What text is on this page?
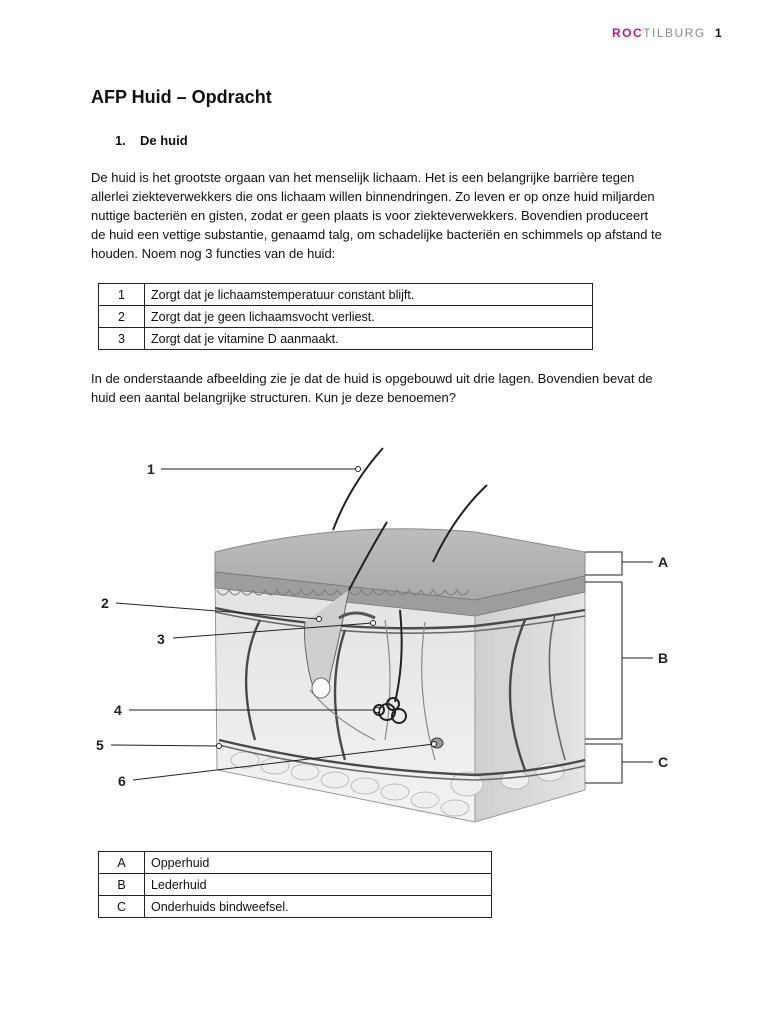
ROCTILBURG 1
AFP Huid – Opdracht
1. De huid

De huid is het grootste orgaan van het menselijk lichaam. Het is een belangrijke barrière tegen allerlei ziekteverwekkers die ons lichaam willen binnendringen. Zo leven er op onze huid miljarden nuttige bacteriën en gisten, zodat er geen plaats is voor ziekteverwekkers. Bovendien produceert de huid een vettige substantie, genaamd talg, om schadelijke bacteriën en schimmels op afstand te houden. Noem nog 3 functies van de huid:

1	Zorgt dat je lichaamstemperatuur constant blijft.
2	Zorgt dat je geen lichaamsvocht verliest.
3	Zorgt dat je vitamine D aanmaakt.

In de onderstaande afbeelding zie je dat de huid is opgebouwd uit drie lagen. Bovendien bevat de huid een aantal belangrijke structuren. Kun je deze benoemen?

1
2
3
4
5
6
A
B
C
A	Opperhuid
B	Lederhuid
C	Onderhuids bindweefsel.
